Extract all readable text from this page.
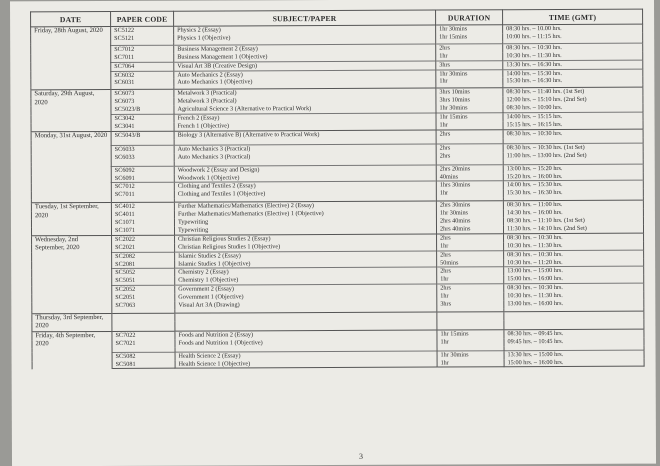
DATE	PAPER CODE	SUBJECT/PAPER	DURATION	TIME (GMT)
Friday, 28th August, 2020	SC5122	Physics 2 (Essay)	1hr 30mins	08:30 hrs. – 10.00 hrs.
	SC5121	Physics 1 (Objective)	1hr 15mins	10:00 hrs. – 11:15 hrs.

	SC7012	Business Management 2 (Essay)	2hrs	08:30 hrs. – 10:30 hrs.
	SC7011	Business Management 1 (Objective)	1hr	10:30 hrs. – 11:30 hrs.
	SC7064	Visual Art 3B (Creative Design)	3hrs	13:30 hrs. – 16:30 hrs.
	SC6032	Auto Mechanics 2 (Essay)	1hr 30mins	14:00 hrs. – 15:30 hrs.
	SC6031	Auto Mechanics 1 (Objective)	1hr	15:30 hrs. – 16:30 hrs.

Saturday, 29th August, 2020	SC6073	Metalwork 3 (Practical)	3hrs 10mins	08:30 hrs. – 11:40 hrs. (1st Set)
	SC6073	Metalwork 3 (Practical)	3hrs 10mins	12:00 hrs. – 15:10 hrs. (2nd Set)
	SC5023/B	Agricultural Science 3 (Alternative to Practical Work)	1hr 30mins	08:30 hrs. – 10:00 hrs.
	SC3042	French 2 (Essay)	1hr 15mins	14:00 hrs. – 15:15 hrs.
	SC3041	French 1 (Objective)	1hr	15:15 hrs. – 16:15 hrs.
Monday, 31st August, 2020	SC5043/B	Biology 3 (Alternative B) (Alternative to Practical Work)	2hrs	08:30 hrs. – 10:30 hrs.

	SC6033	Auto Mechanics 3 (Practical)	2hrs	08:30 hrs. – 10:30 hrs. (1st Set)
	SC6033	Auto Mechanics 3 (Practical)	2hrs	11:00 hrs. – 13:00 hrs. (2nd Set)

	SC6092	Woodwork 2 (Essay and Design)	2hrs 20mins	13:00 hrs. – 15:20 hrs.
	SC6091	Woodwork 1 (Objective)	40mins	15:20 hrs. – 16:00 hrs.
	SC7012	Clothing and Textiles 2 (Essay)	1hrs 30mins	14:00 hrs. – 15:30 hrs.
	SC7011	Clothing and Textiles 1 (Objective)	1hr	15:30 hrs. – 16:30 hrs.

Tuesday, 1st September, 2020	SC4012	Further Mathematics/Mathematics (Elective) 2 (Essay)	2hrs 30mins	08:30 hrs. – 11:00 hrs.
	SC4011	Further Mathematics/Mathematics (Elective) 1 (Objective)	1hr 30mins	14:30 hrs. – 16:00 hrs.
	SC1071	Typewriting	2hrs 40mins	08:30 hrs. – 11:10 hrs. (1st Set)
	SC1071	Typewriting	2hrs 40mins	11:30 hrs. – 14:10 hrs. (2nd Set)
Wednesday, 2nd September, 2020	SC2022	Christian Religious Studies 2 (Essay)	2hrs	08:30 hrs. – 10:30 hrs.
	SC2021	Christian Religious Studies 1 (Objective)	1hr	10:30 hrs. – 11:30 hrs.
	SC2082	Islamic Studies 2 (Essay)	2hrs	08:30 hrs. – 10:30 hrs.
	SC2081	Islamic Studies 1 (Objective)	50mins	10:30 hrs. – 11:20 hrs.
	SC5052	Chemistry 2 (Essay)	2hrs	13:00 hrs. – 15:00 hrs.
	SC5051	Chemistry 1 (Objective)	1hr	15:00 hrs. – 16:00 hrs.
	SC2052	Government 2 (Essay)	2hrs	08:30 hrs. – 10:30 hrs.
	SC2051	Government 1 (Objective)	1hr	10:30 hrs. – 11:30 hrs.
	SC7063	Visual Art 3A (Drawing)	3hrs	13:00 hrs. – 16:00 hrs.

Thursday, 3rd September, 2020				

Friday, 4th September, 2020	SC7022	Foods and Nutrition 2 (Essay)	1hr 15mins	08:30 hrs. – 09:45 hrs.
	SC7021	Foods and Nutrition 1 (Objective)	1hr	09:45 hrs. – 10:45 hrs.

	SC5082	Health Science 2 (Essay)	1hr 30mins	13:30 hrs. – 15:00 hrs.
	SC5081	Health Science 1 (Objective)	1hr	15:00 hrs. – 16:00 hrs.
3
